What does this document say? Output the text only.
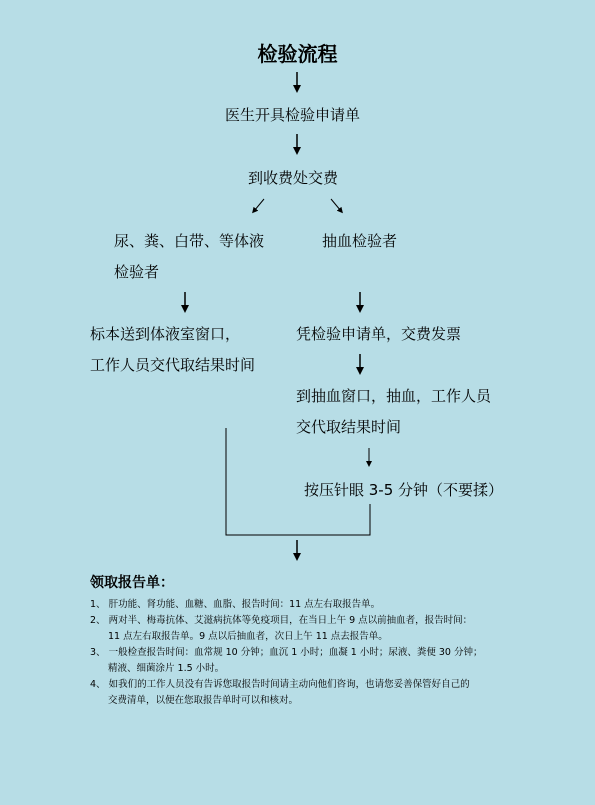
检验流程
医生开具检验申请单
到收费处交费
尿、粪、白带、等体液
检验者
抽血检验者
标本送到体液室窗口，
工作人员交代取结果时间
凭检验申请单，交费发票
到抽血窗口，抽血，工作人员
交代取结果时间
按压针眼 3-5 分钟（不要揉）
领取报告单：
1、 肝功能、肾功能、血糖、血脂、报告时间：11 点左右取报告单。
2、 两对半、梅毒抗体、艾滋病抗体等免疫项目，在当日上午 9 点以前抽血者，报告时间：
11 点左右取报告单。9 点以后抽血者，次日上午 11 点去报告单。
3、 一般检查报告时间：血常规 10 分钟；血沉 1 小时；血凝 1 小时；尿液、粪便 30 分钟；
精液、细菌涂片 1.5 小时。
4、 如我们的工作人员没有告诉您取报告时间请主动向他们咨询，也请您妥善保管好自己的
交费清单，以便在您取报告单时可以和核对。
